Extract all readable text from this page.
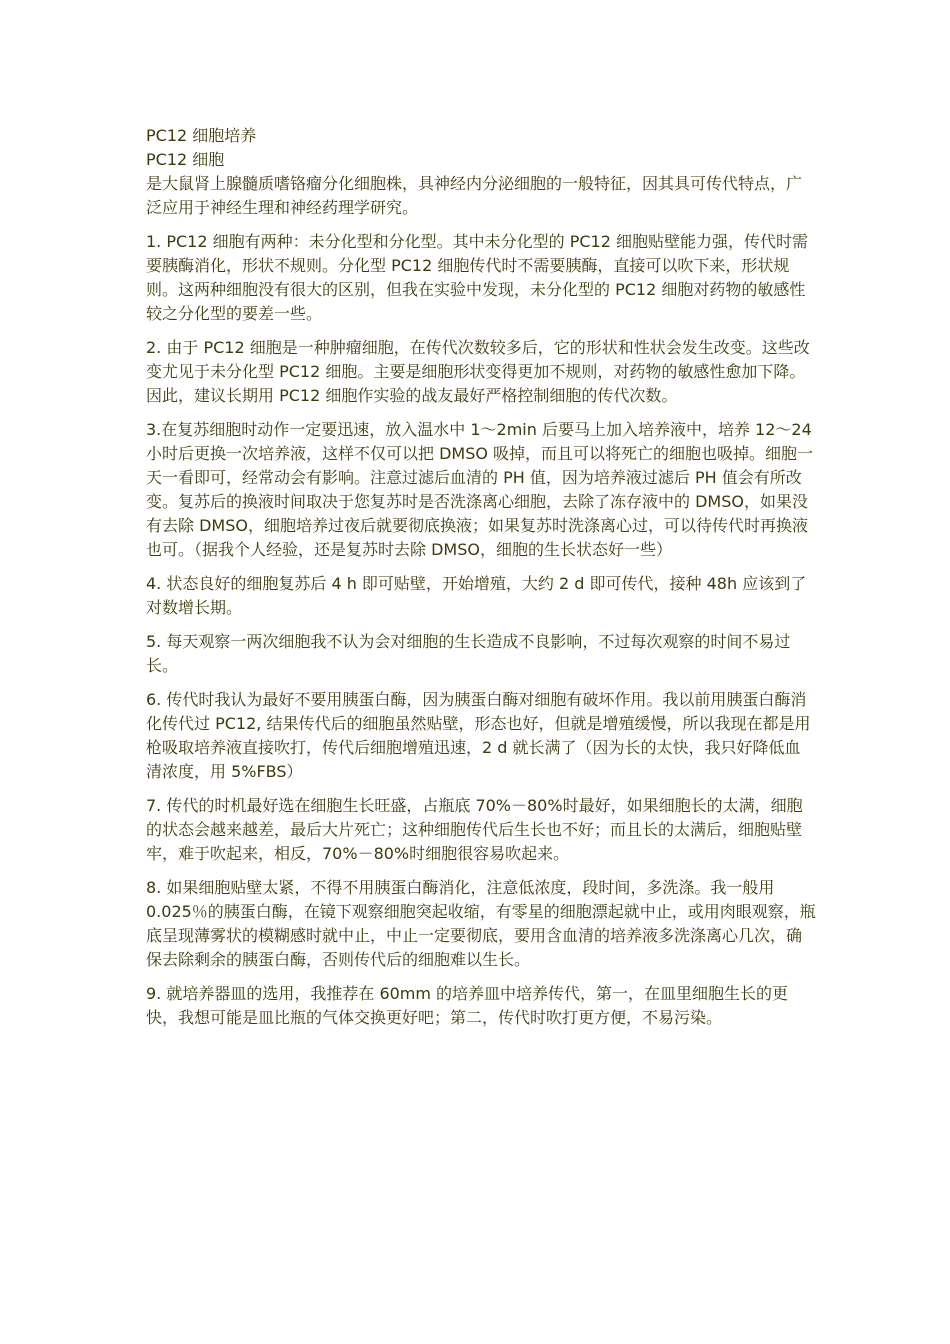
PC12 细胞培养

PC12 细胞

是大鼠肾上腺髓质嗜铬瘤分化细胞株，具神经内分泌细胞的一般特征，因其具可传代特点，广泛应用于神经生理和神经药理学研究。

1. PC12 细胞有两种：未分化型和分化型。其中未分化型的 PC12 细胞贴壁能力强，传代时需要胰酶消化，形状不规则。分化型 PC12 细胞传代时不需要胰酶，直接可以吹下来，形状规则。这两种细胞没有很大的区别，但我在实验中发现，未分化型的 PC12 细胞对药物的敏感性较之分化型的要差一些。

2. 由于 PC12 细胞是一种肿瘤细胞，在传代次数较多后，它的形状和性状会发生改变。这些改变尤见于未分化型 PC12 细胞。主要是细胞形状变得更加不规则，对药物的敏感性愈加下降。因此，建议长期用 PC12 细胞作实验的战友最好严格控制细胞的传代次数。

3.在复苏细胞时动作一定要迅速，放入温水中 1～2min 后要马上加入培养液中，培养 12～24 小时后更换一次培养液，这样不仅可以把 DMSO 吸掉，而且可以将死亡的细胞也吸掉。细胞一天一看即可，经常动会有影响。注意过滤后血清的 PH 值，因为培养液过滤后 PH 值会有所改变。复苏后的换液时间取决于您复苏时是否洗涤离心细胞，去除了冻存液中的 DMSO，如果没有去除 DMSO，细胞培养过夜后就要彻底换液；如果复苏时洗涤离心过，可以待传代时再换液也可。（据我个人经验，还是复苏时去除 DMSO，细胞的生长状态好一些）

4. 状态良好的细胞复苏后 4 h 即可贴壁，开始增殖，大约 2 d 即可传代，接种 48h 应该到了对数增长期。

5. 每天观察一两次细胞我不认为会对细胞的生长造成不良影响，不过每次观察的时间不易过长。

6. 传代时我认为最好不要用胰蛋白酶，因为胰蛋白酶对细胞有破坏作用。我以前用胰蛋白酶消化传代过 PC12, 结果传代后的细胞虽然贴壁，形态也好，但就是增殖缓慢，所以我现在都是用枪吸取培养液直接吹打，传代后细胞增殖迅速，2 d 就长满了（因为长的太快，我只好降低血清浓度，用 5%FBS）

7. 传代的时机最好选在细胞生长旺盛，占瓶底 70%－80%时最好，如果细胞长的太满，细胞的状态会越来越差，最后大片死亡；这种细胞传代后生长也不好；而且长的太满后，细胞贴壁牢，难于吹起来，相反，70%－80%时细胞很容易吹起来。

8. 如果细胞贴壁太紧，不得不用胰蛋白酶消化，注意低浓度，段时间，多洗涤。我一般用 0.025％的胰蛋白酶，在镜下观察细胞突起收缩，有零星的细胞漂起就中止，或用肉眼观察，瓶底呈现薄雾状的模糊感时就中止，中止一定要彻底，要用含血清的培养液多洗涤离心几次，确保去除剩余的胰蛋白酶，否则传代后的细胞难以生长。

9. 就培养器皿的选用，我推荐在 60mm 的培养皿中培养传代，第一，在皿里细胞生长的更快，我想可能是皿比瓶的气体交换更好吧；第二，传代时吹打更方便，不易污染。
